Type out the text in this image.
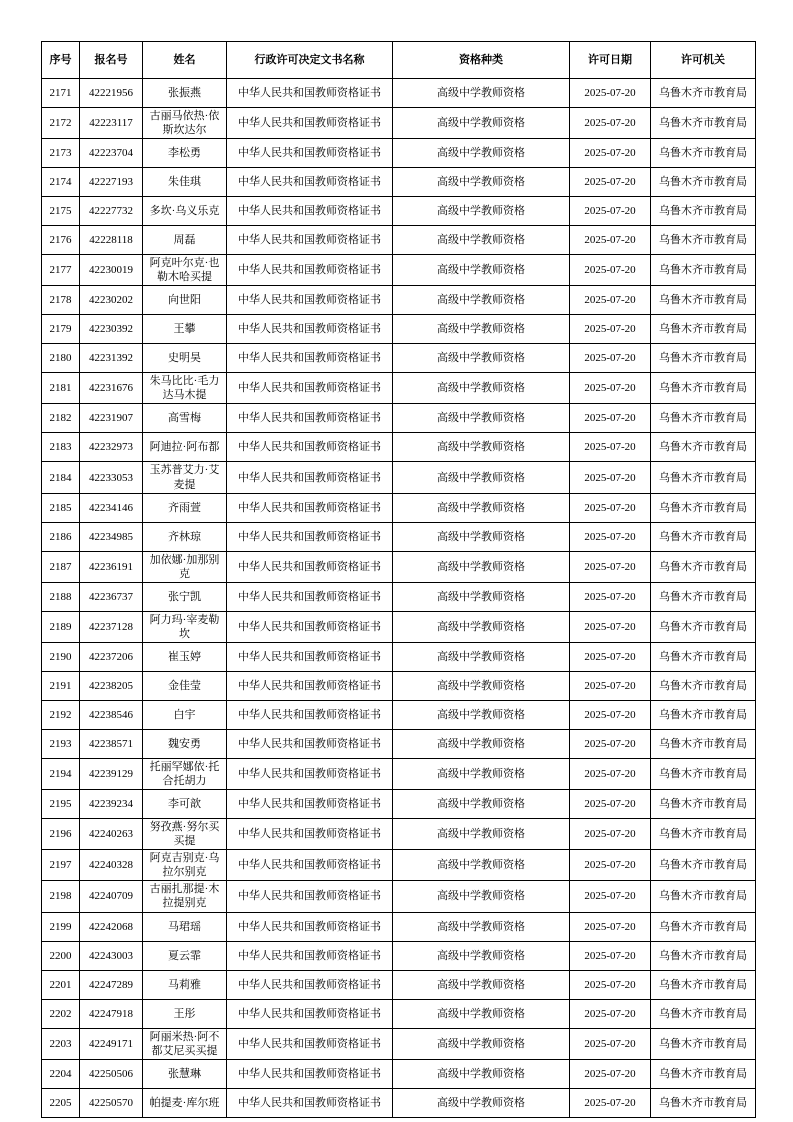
序号	报名号	姓名	行政许可决定文书名称	资格种类	许可日期	许可机关
2171	42221956	张振燕	中华人民共和国教师资格证书	高级中学教师资格	2025-07-20	乌鲁木齐市教育局
2172	42223117	古丽马依热·依斯坎达尔	中华人民共和国教师资格证书	高级中学教师资格	2025-07-20	乌鲁木齐市教育局
2173	42223704	李松勇	中华人民共和国教师资格证书	高级中学教师资格	2025-07-20	乌鲁木齐市教育局
2174	42227193	朱佳琪	中华人民共和国教师资格证书	高级中学教师资格	2025-07-20	乌鲁木齐市教育局
2175	42227732	多坎·乌义乐克	中华人民共和国教师资格证书	高级中学教师资格	2025-07-20	乌鲁木齐市教育局
2176	42228118	周磊	中华人民共和国教师资格证书	高级中学教师资格	2025-07-20	乌鲁木齐市教育局
2177	42230019	阿克叶尔克·也勒木哈买提	中华人民共和国教师资格证书	高级中学教师资格	2025-07-20	乌鲁木齐市教育局
2178	42230202	向世阳	中华人民共和国教师资格证书	高级中学教师资格	2025-07-20	乌鲁木齐市教育局
2179	42230392	王攀	中华人民共和国教师资格证书	高级中学教师资格	2025-07-20	乌鲁木齐市教育局
2180	42231392	史明昊	中华人民共和国教师资格证书	高级中学教师资格	2025-07-20	乌鲁木齐市教育局
2181	42231676	朱马比比·毛力达马木提	中华人民共和国教师资格证书	高级中学教师资格	2025-07-20	乌鲁木齐市教育局
2182	42231907	高雪梅	中华人民共和国教师资格证书	高级中学教师资格	2025-07-20	乌鲁木齐市教育局
2183	42232973	阿迪拉·阿布都	中华人民共和国教师资格证书	高级中学教师资格	2025-07-20	乌鲁木齐市教育局
2184	42233053	玉苏普艾力·艾麦提	中华人民共和国教师资格证书	高级中学教师资格	2025-07-20	乌鲁木齐市教育局
2185	42234146	齐雨萱	中华人民共和国教师资格证书	高级中学教师资格	2025-07-20	乌鲁木齐市教育局
2186	42234985	齐林琼	中华人民共和国教师资格证书	高级中学教师资格	2025-07-20	乌鲁木齐市教育局
2187	42236191	加依娜·加那别克	中华人民共和国教师资格证书	高级中学教师资格	2025-07-20	乌鲁木齐市教育局
2188	42236737	张宁凯	中华人民共和国教师资格证书	高级中学教师资格	2025-07-20	乌鲁木齐市教育局
2189	42237128	阿力玛·宰麦勒坎	中华人民共和国教师资格证书	高级中学教师资格	2025-07-20	乌鲁木齐市教育局
2190	42237206	崔玉婷	中华人民共和国教师资格证书	高级中学教师资格	2025-07-20	乌鲁木齐市教育局
2191	42238205	金佳莹	中华人民共和国教师资格证书	高级中学教师资格	2025-07-20	乌鲁木齐市教育局
2192	42238546	白宇	中华人民共和国教师资格证书	高级中学教师资格	2025-07-20	乌鲁木齐市教育局
2193	42238571	魏安勇	中华人民共和国教师资格证书	高级中学教师资格	2025-07-20	乌鲁木齐市教育局
2194	42239129	托丽罕娜依·托合托胡力	中华人民共和国教师资格证书	高级中学教师资格	2025-07-20	乌鲁木齐市教育局
2195	42239234	李可歆	中华人民共和国教师资格证书	高级中学教师资格	2025-07-20	乌鲁木齐市教育局
2196	42240263	努孜燕·努尔买买提	中华人民共和国教师资格证书	高级中学教师资格	2025-07-20	乌鲁木齐市教育局
2197	42240328	阿克吉别克·乌拉尔别克	中华人民共和国教师资格证书	高级中学教师资格	2025-07-20	乌鲁木齐市教育局
2198	42240709	古丽扎那提·木拉提别克	中华人民共和国教师资格证书	高级中学教师资格	2025-07-20	乌鲁木齐市教育局
2199	42242068	马珺瑶	中华人民共和国教师资格证书	高级中学教师资格	2025-07-20	乌鲁木齐市教育局
2200	42243003	夏云霏	中华人民共和国教师资格证书	高级中学教师资格	2025-07-20	乌鲁木齐市教育局
2201	42247289	马莉雅	中华人民共和国教师资格证书	高级中学教师资格	2025-07-20	乌鲁木齐市教育局
2202	42247918	王彤	中华人民共和国教师资格证书	高级中学教师资格	2025-07-20	乌鲁木齐市教育局
2203	42249171	阿丽米热·阿不都艾尼买买提	中华人民共和国教师资格证书	高级中学教师资格	2025-07-20	乌鲁木齐市教育局
2204	42250506	张慧琳	中华人民共和国教师资格证书	高级中学教师资格	2025-07-20	乌鲁木齐市教育局
2205	42250570	帕提麦·库尔班	中华人民共和国教师资格证书	高级中学教师资格	2025-07-20	乌鲁木齐市教育局
